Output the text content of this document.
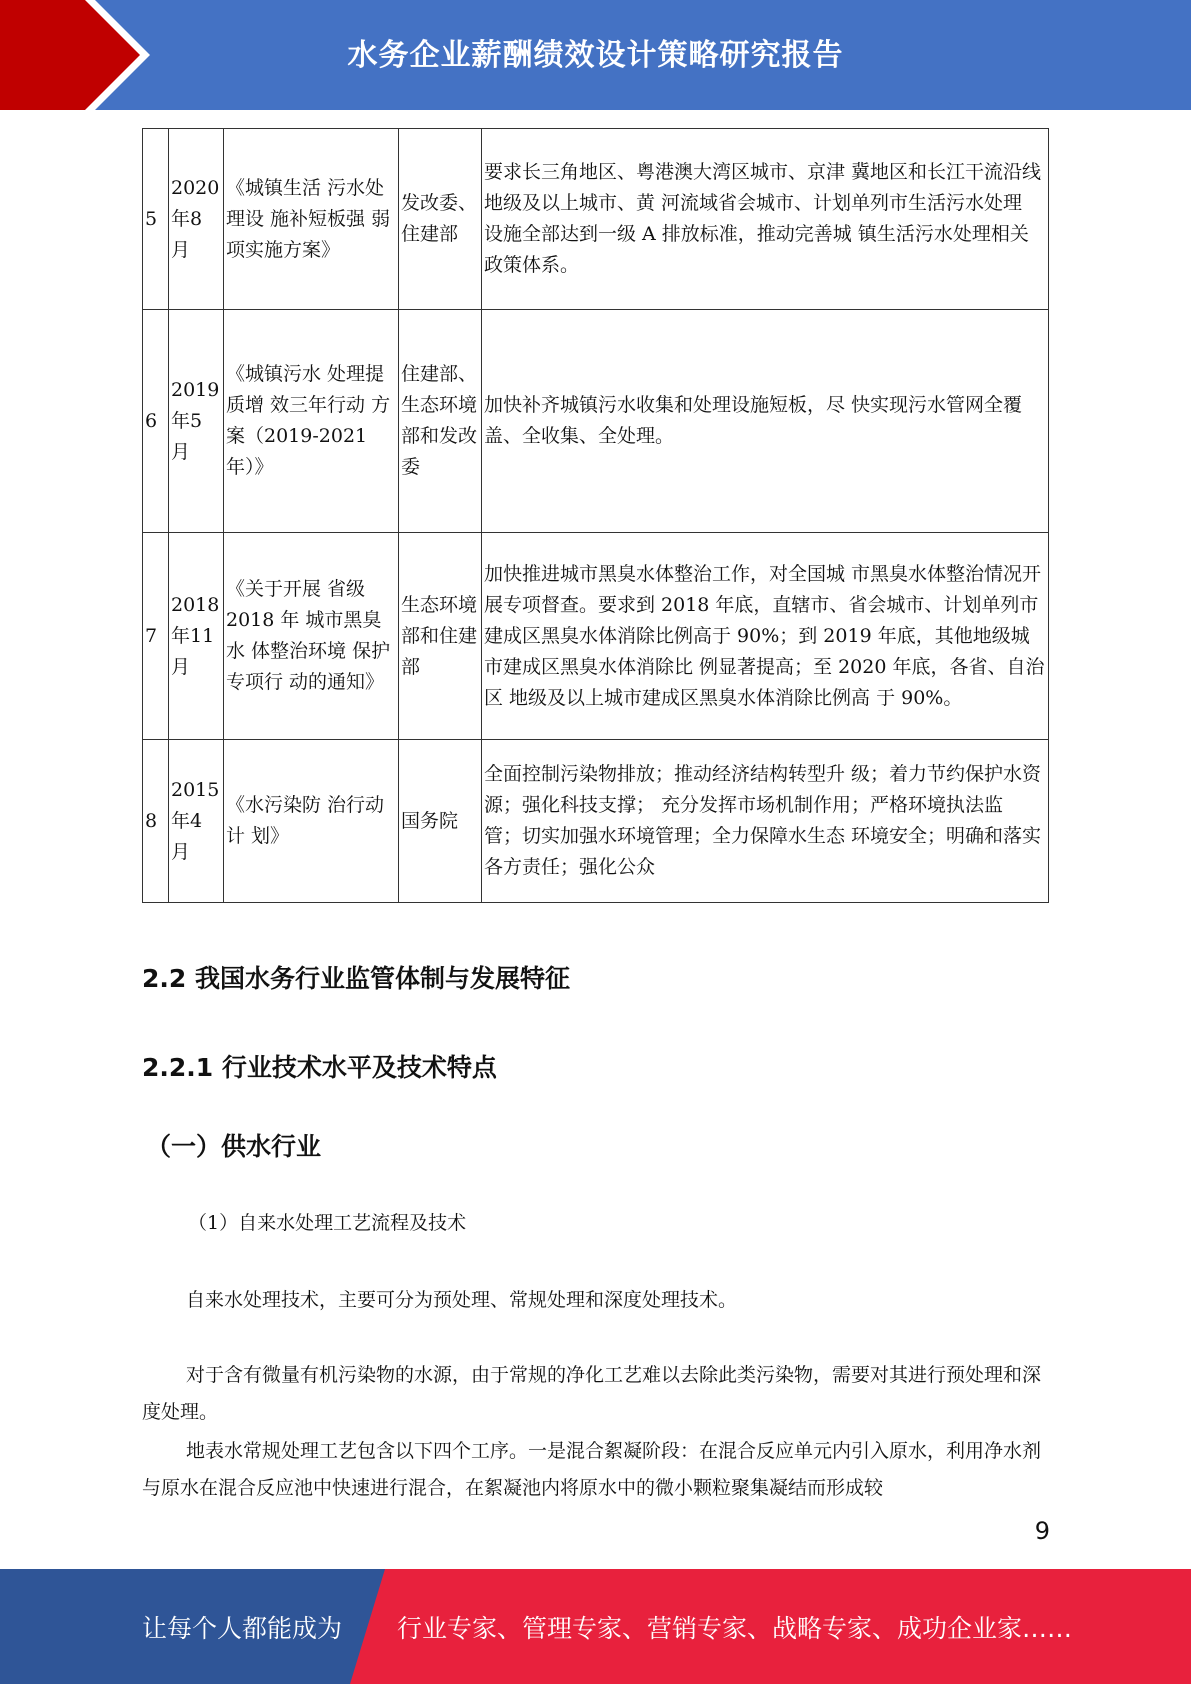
水务企业薪酬绩效设计策略研究报告
5	2020年8月	《城镇生活 污水处理设 施补短板强 弱项实施方案》	发改委、 住建部	要求长三角地区、粤港澳大湾区城市、京津 冀地区和长江干流沿线地级及以上城市、黄 河流域省会城市、计划单列市生活污水处理 设施全部达到一级 A 排放标准，推动完善城 镇生活污水处理相关政策体系。
6	2019年5月	《城镇污水 处理提质增 效三年行动 方案（2019-2021 年）》	住建部、 生态环境部和发改委	加快补齐城镇污水收集和处理设施短板，尽 快实现污水管网全覆盖、全收集、全处理。
7	2018年11月	《关于开展 省级 2018 年 城市黑臭水 体整治环境 保护专项行 动的通知》	生态环境 部和住建 部	加快推进城市黑臭水体整治工作，对全国城 市黑臭水体整治情况开展专项督查。要求到 2018 年底，直辖市、省会城市、计划单列市 建成区黑臭水体消除比例高于 90%；到 2019 年底，其他地级城市建成区黑臭水体消除比 例显著提高；至 2020 年底，各省、自治区 地级及以上城市建成区黑臭水体消除比例高 于 90%。
8	2015年4月	《水污染防 治行动计 划》	国务院	全面控制污染物排放；推动经济结构转型升 级；着力节约保护水资源；强化科技支撑； 充分发挥市场机制作用；严格环境执法监 管；切实加强水环境管理；全力保障水生态 环境安全；明确和落实各方责任；强化公众
2.2 我国水务行业监管体制与发展特征
2.2.1 行业技术水平及技术特点
（一）供水行业
（1）自来水处理工艺流程及技术
自来水处理技术，主要可分为预处理、常规处理和深度处理技术。
对于含有微量有机污染物的水源，由于常规的净化工艺难以去除此类污染物，需要对其进行预处理和深度处理。
地表水常规处理工艺包含以下四个工序。一是混合絮凝阶段：在混合反应单元内引入原水，利用净水剂与原水在混合反应池中快速进行混合，在絮凝池内将原水中的微小颗粒聚集凝结而形成较
9
让每个人都能成为 行业专家、管理专家、营销专家、战略专家、成功企业家……
